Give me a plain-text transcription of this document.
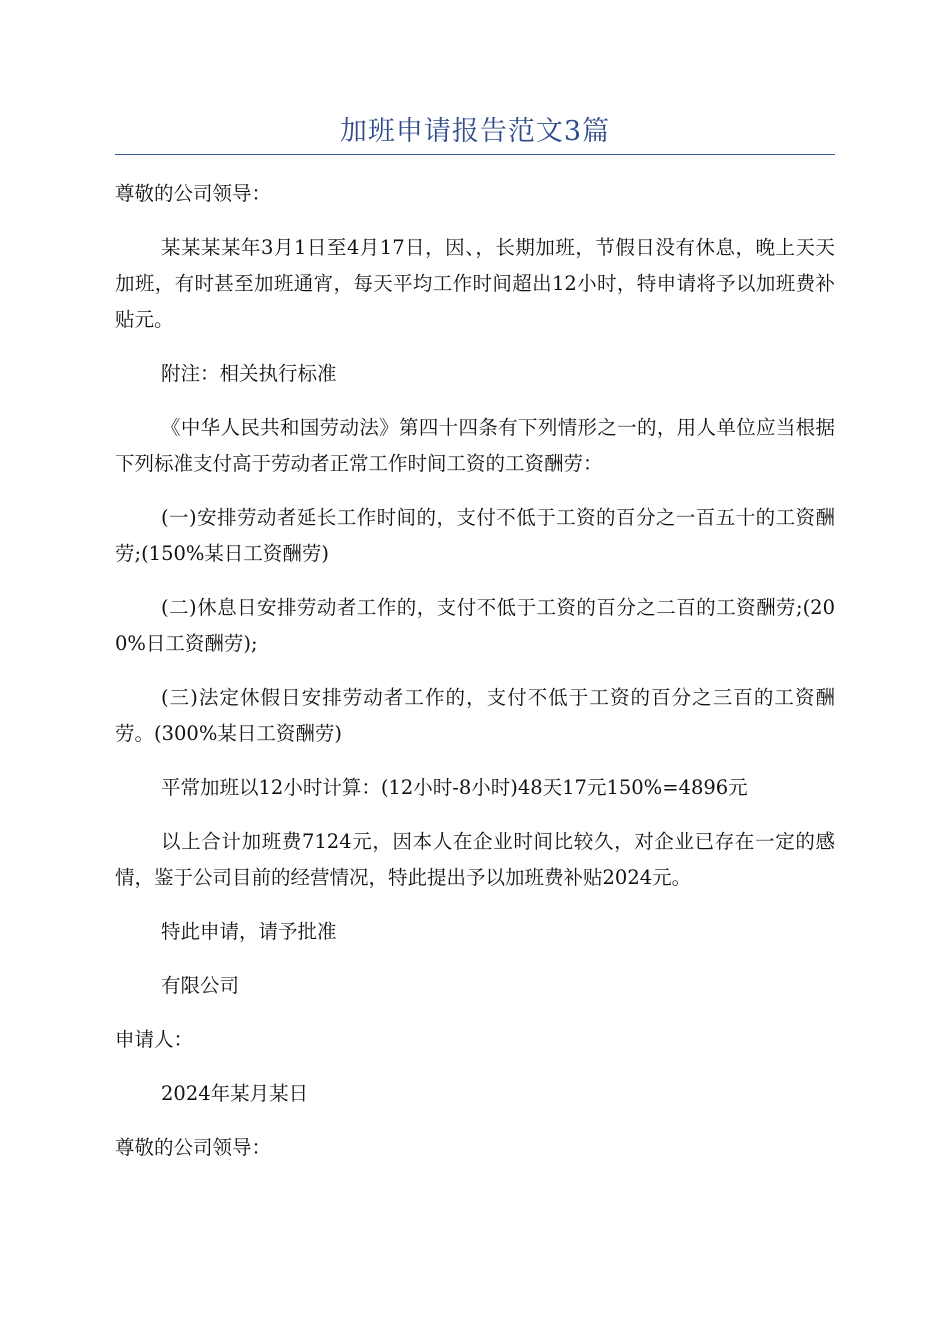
加班申请报告范文3篇

尊敬的公司领导：

某某某某年3月1日至4月17日，因、，长期加班，节假日没有休息，晚上天天加班，有时甚至加班通宵，每天平均工作时间超出12小时，特申请将予以加班费补贴元。

附注：相关执行标准

《中华人民共和国劳动法》第四十四条有下列情形之一的，用人单位应当根据下列标准支付高于劳动者正常工作时间工资的工资酬劳：

(一)安排劳动者延长工作时间的，支付不低于工资的百分之一百五十的工资酬劳;(150%某日工资酬劳)

(二)休息日安排劳动者工作的，支付不低于工资的百分之二百的工资酬劳;(200%日工资酬劳);

(三)法定休假日安排劳动者工作的，支付不低于工资的百分之三百的工资酬劳。(300%某日工资酬劳)

平常加班以12小时计算：(12小时-8小时)48天17元150%=4896元

以上合计加班费7124元，因本人在企业时间比较久，对企业已存在一定的感情，鉴于公司目前的经营情况，特此提出予以加班费补贴2024元。

特此申请，请予批准

有限公司

申请人：

2024年某月某日

尊敬的公司领导：
